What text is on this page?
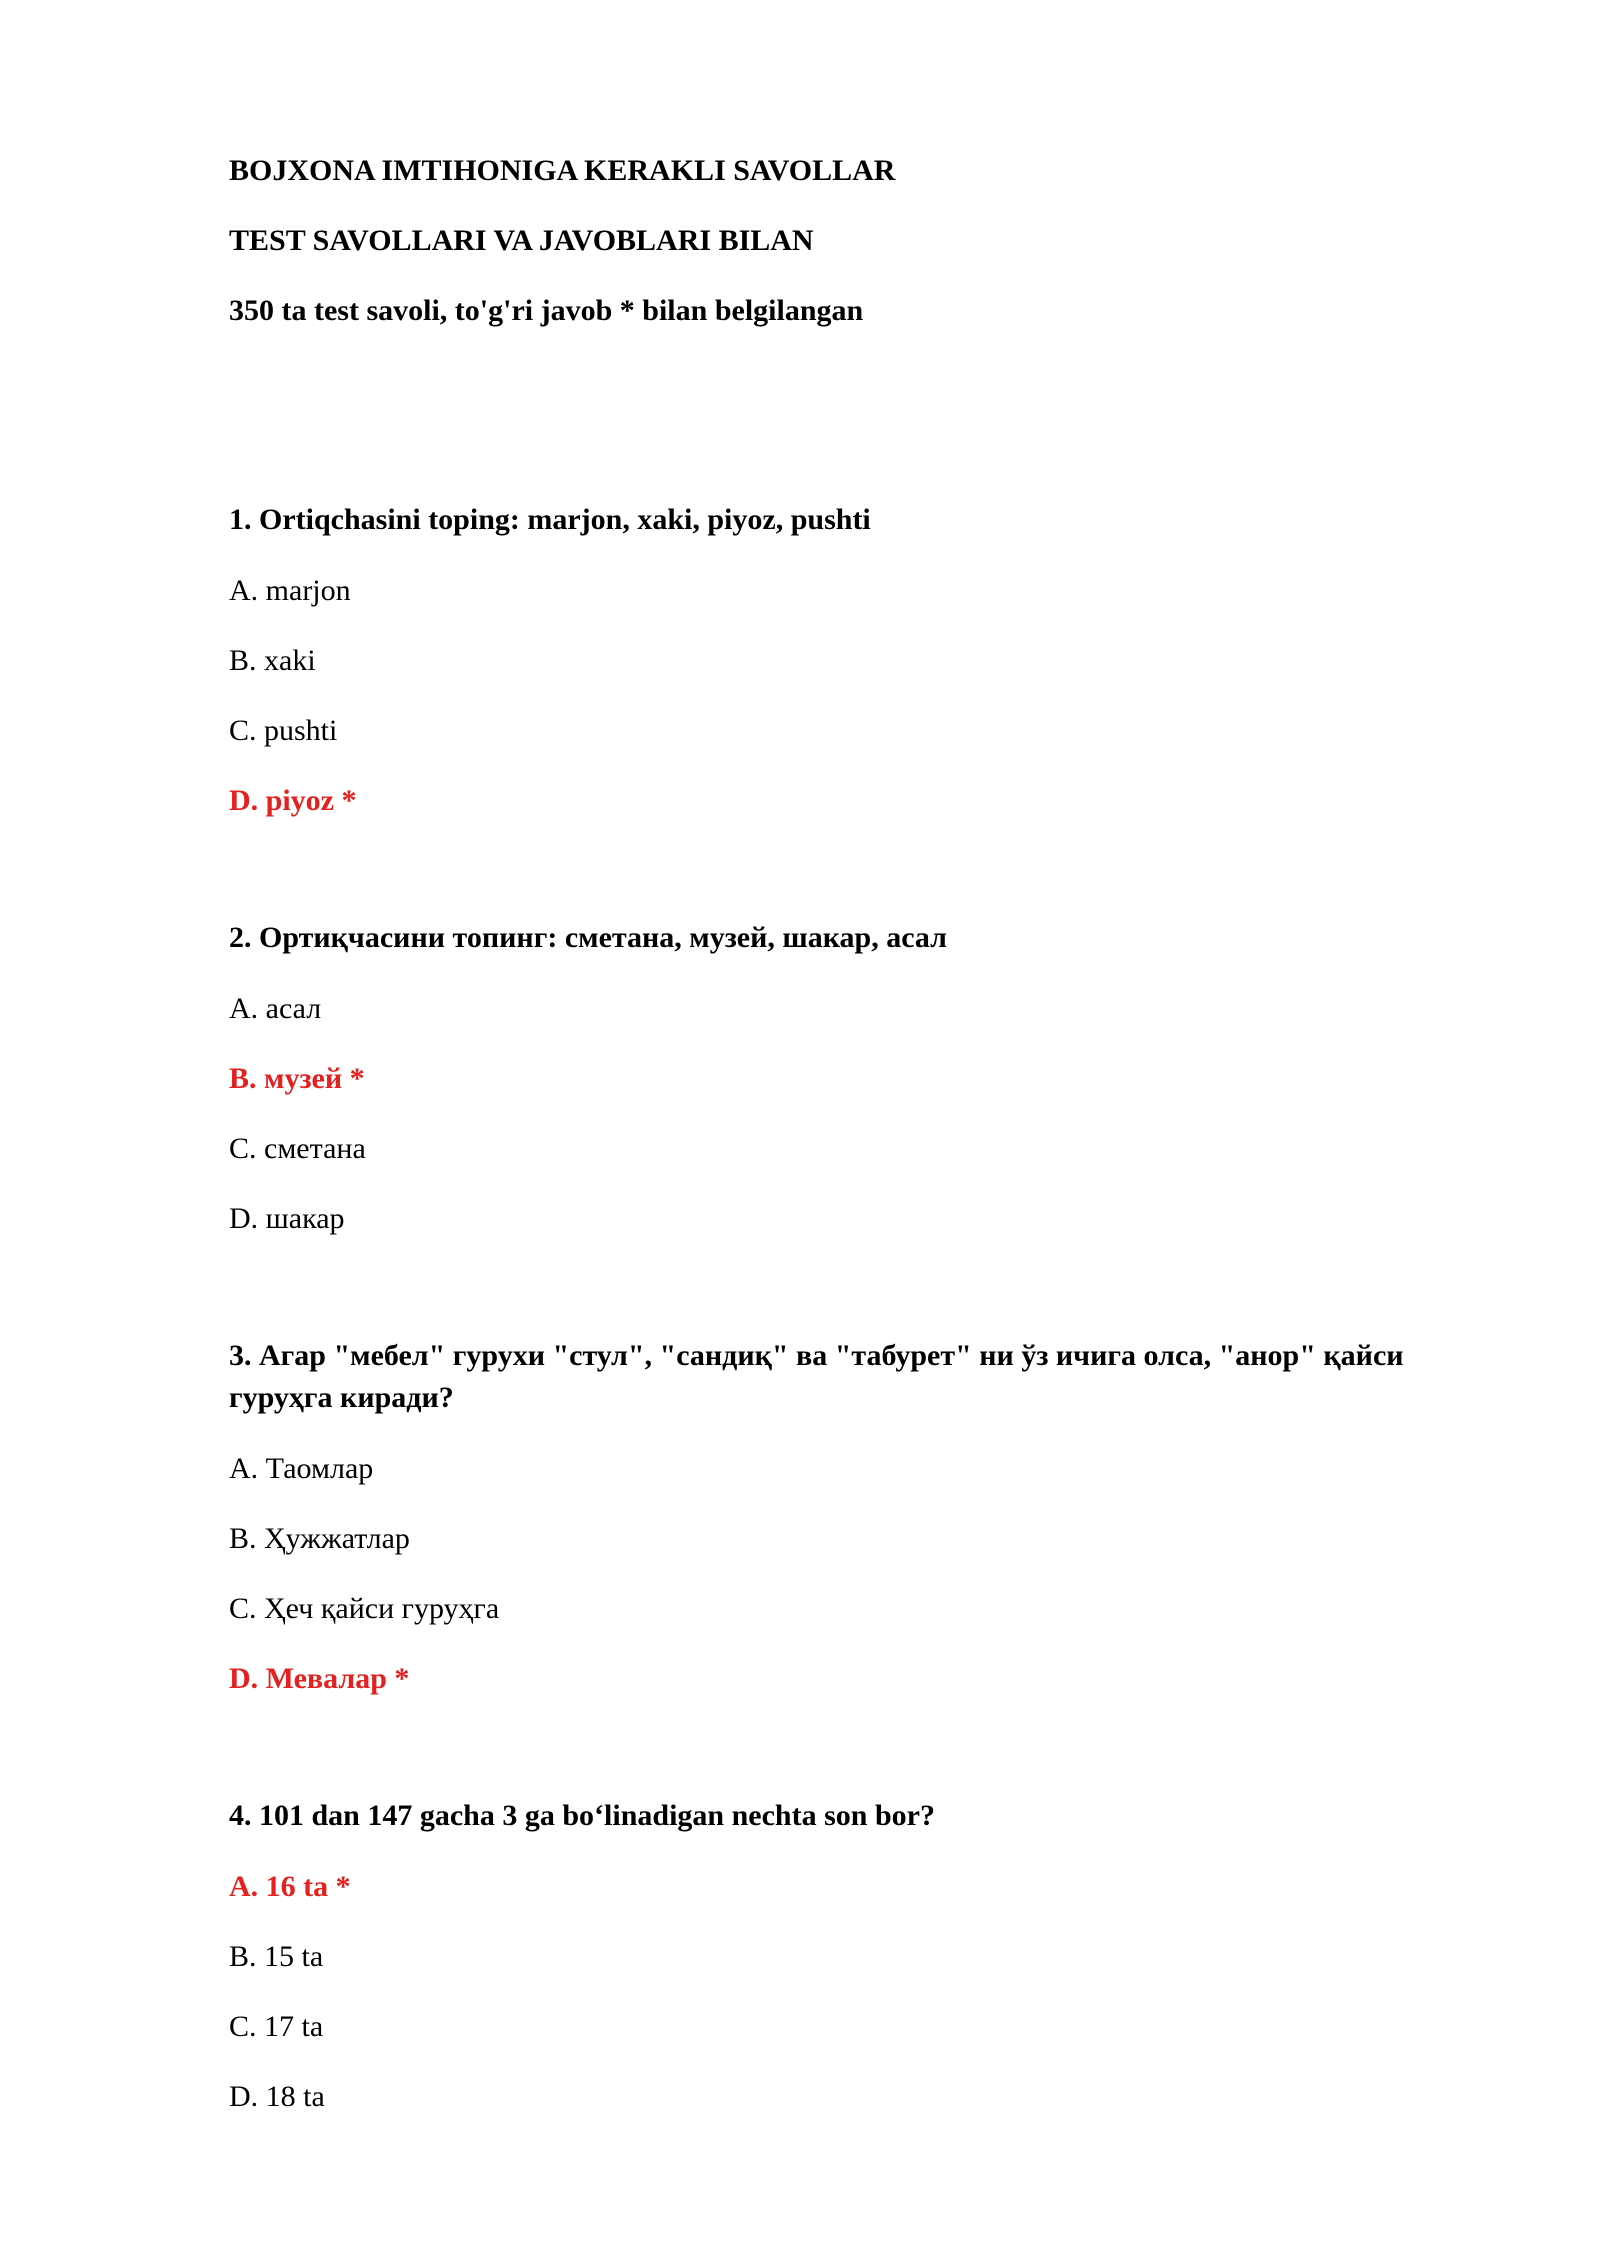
BOJXONA IMTIHONIGA KERAKLI SAVOLLAR
TEST SAVOLLARI VA JAVOBLARI BILAN
350 ta test savoli, to'g'ri javob * bilan belgilangan
1. Ortiqchasini toping: marjon, xaki, piyoz, pushti
A. marjon
B. xaki
C. pushti
D. piyoz *
2. Ортиқчасини топинг: сметана, музей, шакар, асал
A. асал
B. музей *
C. сметана
D. шакар
3. Агар "мебел" гурухи "стул", "сандиқ" ва "табурет" ни ўз ичига олса, "анор" қайси гуруҳга киради?
A. Таомлар
B. Ҳужжатлар
C. Ҳеч қайси гуруҳга
D. Мевалар *
4. 101 dan 147 gacha 3 ga bo‘linadigan nechta son bor?
A. 16 ta *
B. 15 ta
C. 17 ta
D. 18 ta
